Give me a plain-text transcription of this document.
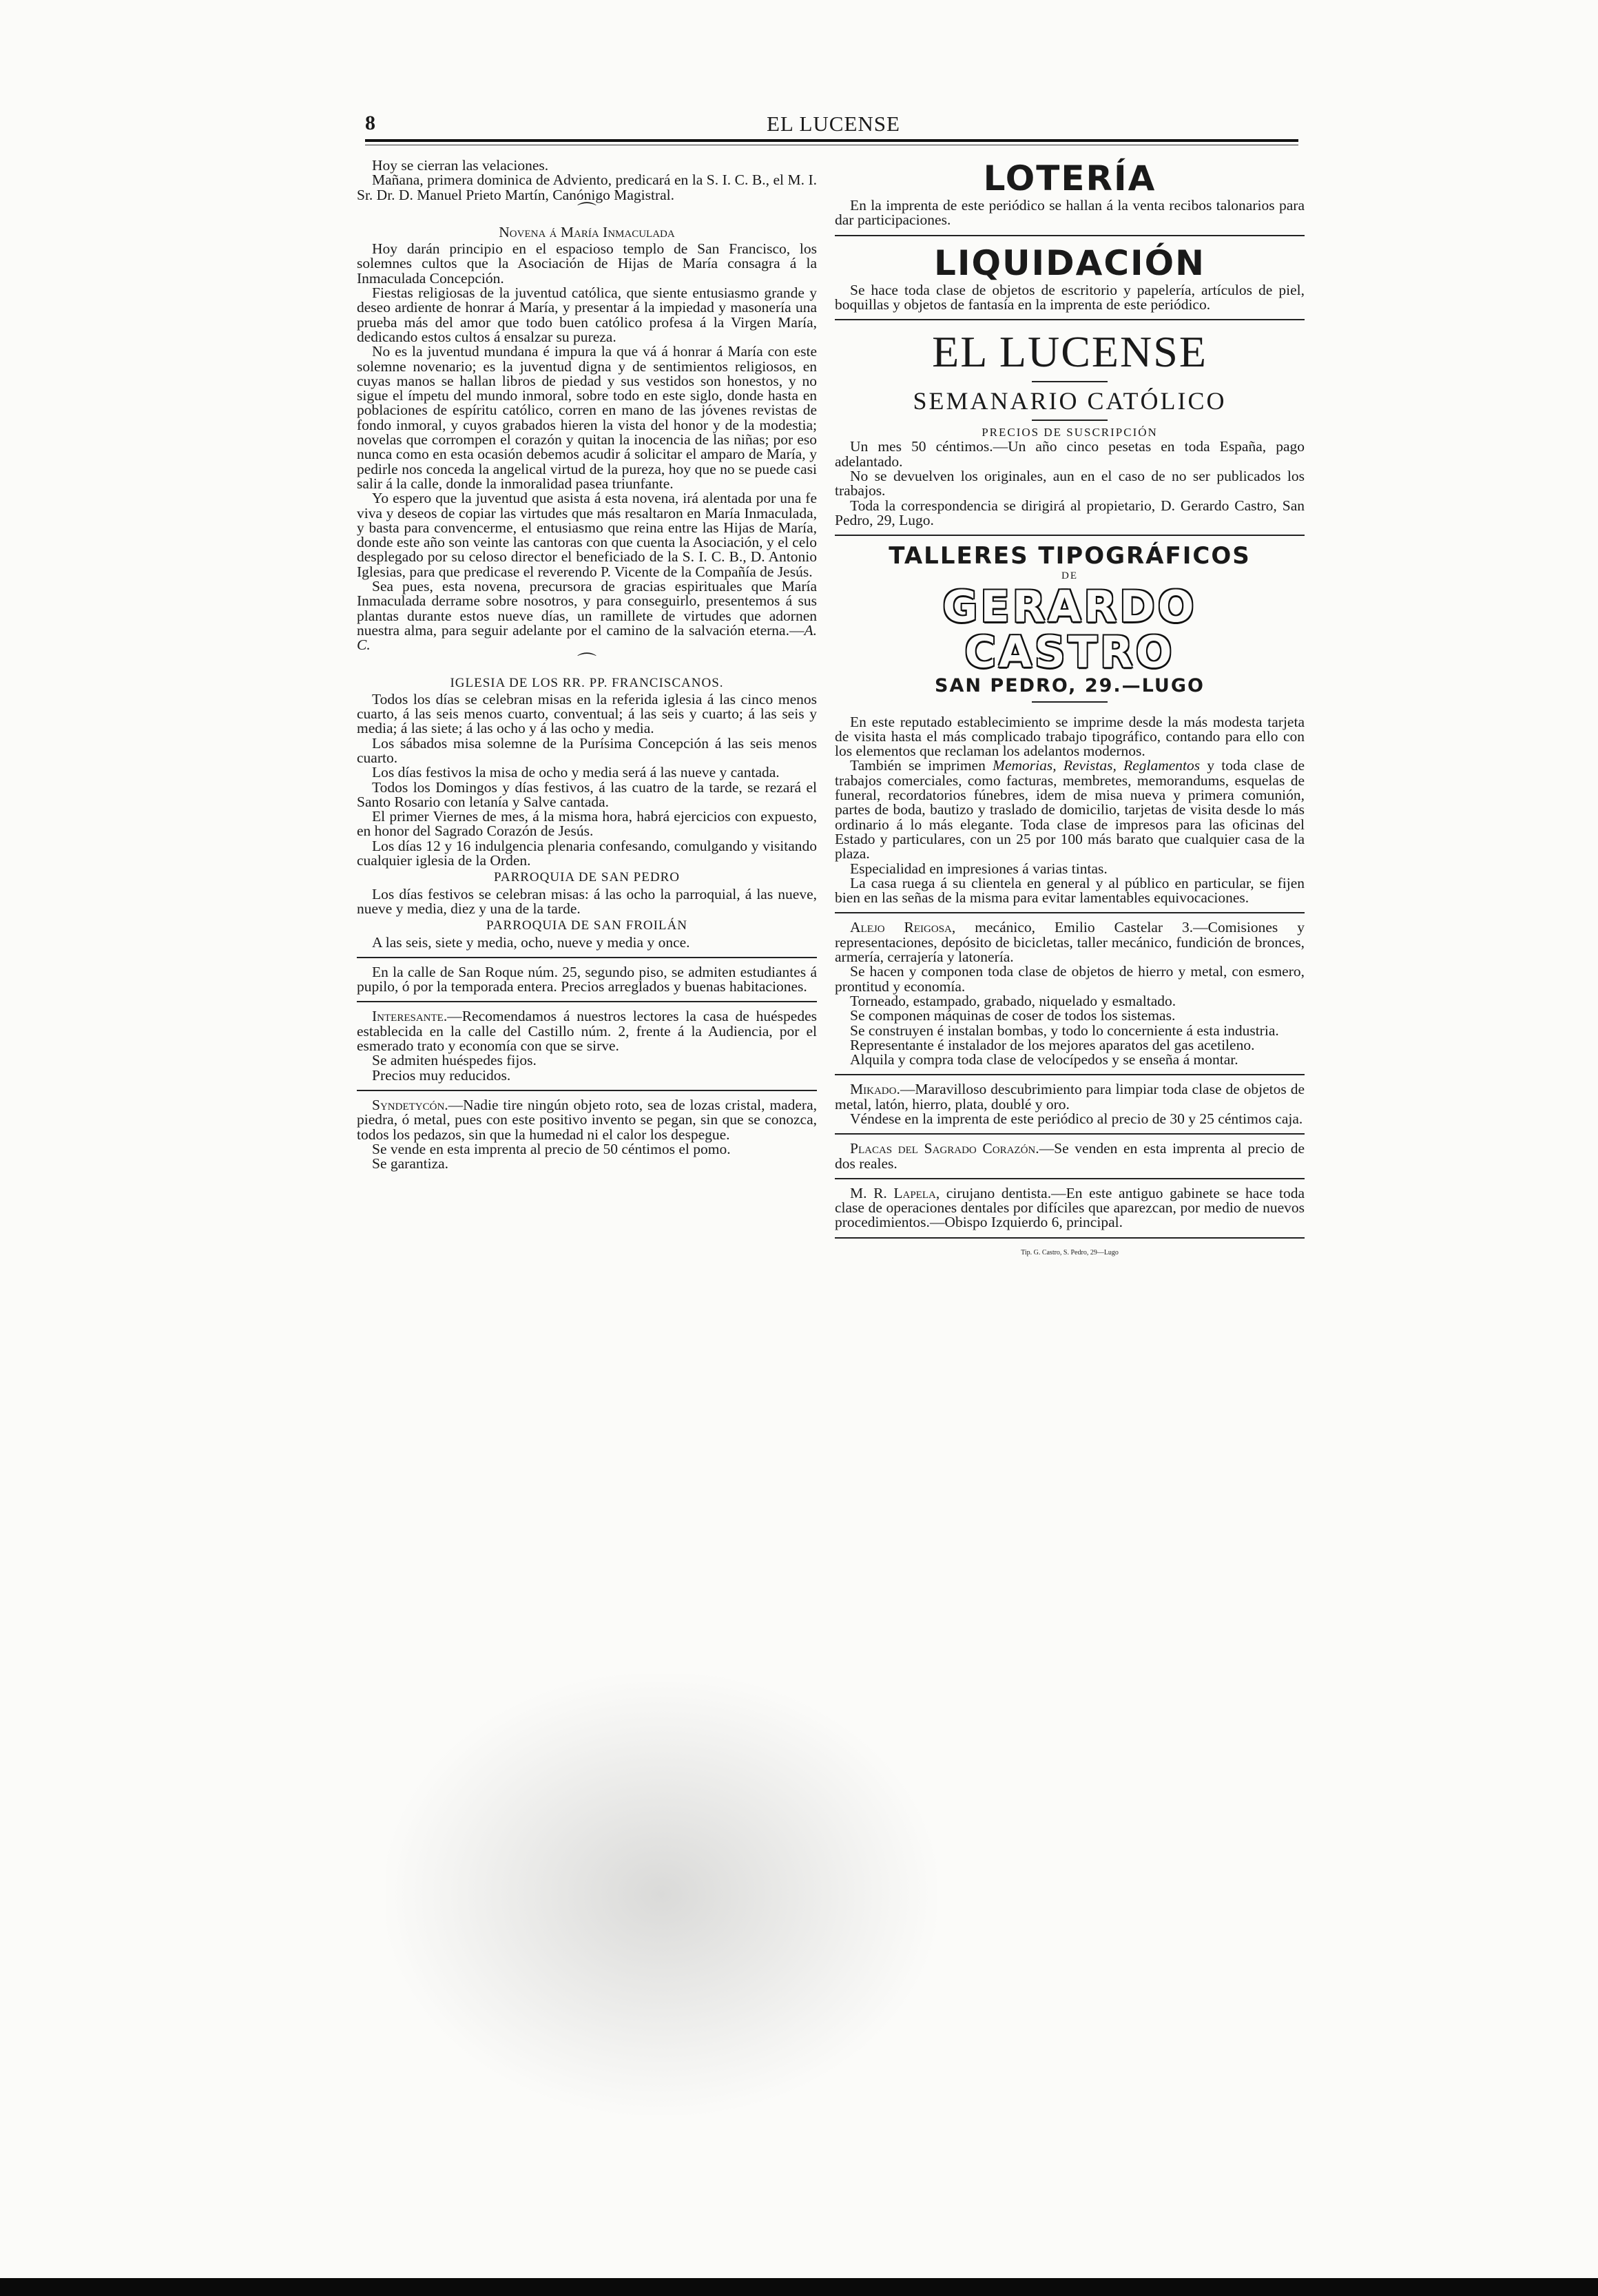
EL LUCENSE
8

Hoy se cierran las velaciones.

Mañana, primera dominica de Adviento, predicará en la S. I. C. B., el M. I. Sr. Dr. D. Manuel Prieto Martín, Canónigo Magistral.

⌒
Novena á María Inmaculada

Hoy darán principio en el espacioso templo de San Francisco, los solemnes cultos que la Asociación de Hijas de María consagra á la Inmaculada Concepción.

Fiestas religiosas de la juventud católica, que siente entusiasmo grande y deseo ardiente de honrar á María, y presentar á la impiedad y masonería una prueba más del amor que todo buen católico profesa á la Virgen María, dedicando estos cultos á ensalzar su pureza.

No es la juventud mundana é impura la que vá á honrar á María con este solemne novenario; es la juventud digna y de sentimientos religiosos, en cuyas manos se hallan libros de piedad y sus vestidos son honestos, y no sigue el ímpetu del mundo inmoral, sobre todo en este siglo, donde hasta en poblaciones de espíritu católico, corren en mano de las jóvenes revistas de fondo inmoral, y cuyos grabados hieren la vista del honor y de la modestia; novelas que corrompen el corazón y quitan la inocencia de las niñas; por eso nunca como en esta ocasión debemos acudir á solicitar el amparo de María, y pedirle nos conceda la angelical virtud de la pureza, hoy que no se puede casi salir á la calle, donde la inmoralidad pasea triunfante.

Yo espero que la juventud que asista á esta novena, irá alentada por una fe viva y deseos de copiar las virtudes que más resaltaron en María Inmaculada, y basta para convencerme, el entusiasmo que reina entre las Hijas de María, donde este año son veinte las cantoras con que cuenta la Asociación, y el celo desplegado por su celoso director el beneficiado de la S. I. C. B., D. Antonio Iglesias, para que predicase el reverendo P. Vicente de la Compañía de Jesús.

Sea pues, esta novena, precursora de gracias espirituales que María Inmaculada derrame sobre nosotros, y para conseguirlo, presentemos á sus plantas durante estos nueve días, un ramillete de virtudes que adornen nuestra alma, para seguir adelante por el camino de la salvación eterna.—A. C.

⌒
IGLESIA DE LOS RR. PP. FRANCISCANOS.

Todos los días se celebran misas en la referida iglesia á las cinco menos cuarto, á las seis menos cuarto, conventual; á las seis y cuarto; á las seis y media; á las siete; á las ocho y á las ocho y media.

Los sábados misa solemne de la Purísima Concepción á las seis menos cuarto.

Los días festivos la misa de ocho y media será á las nueve y cantada.

Todos los Domingos y días festivos, á las cuatro de la tarde, se rezará el Santo Rosario con letanía y Salve cantada.

El primer Viernes de mes, á la misma hora, habrá ejercicios con expuesto, en honor del Sagrado Corazón de Jesús.

Los días 12 y 16 indulgencia plenaria confesando, comulgando y visitando cualquier iglesia de la Orden.

PARROQUIA DE SAN PEDRO

Los días festivos se celebran misas: á las ocho la parroquial, á las nueve, nueve y media, diez y una de la tarde.

PARROQUIA DE SAN FROILÁN

A las seis, siete y media, ocho, nueve y media y once.

En la calle de San Roque núm. 25, segundo piso, se admiten estudiantes á pupilo, ó por la temporada entera. Precios arreglados y buenas habitaciones.

Interesante.—Recomendamos á nuestros lectores la casa de huéspedes establecida en la calle del Castillo núm. 2, frente á la Audiencia, por el esmerado trato y economía con que se sirve.

Se admiten huéspedes fijos.

Precios muy reducidos.

Syndetycón.—Nadie tire ningún objeto roto, sea de lozas cristal, madera, piedra, ó metal, pues con este positivo invento se pegan, sin que se conozca, todos los pedazos, sin que la humedad ni el calor los despegue.

Se vende en esta imprenta al precio de 50 céntimos el pomo.

Se garantiza.

LOTERÍA

En la imprenta de este periódico se hallan á la venta recibos talonarios para dar participaciones.

LIQUIDACIÓN

Se hace toda clase de objetos de escritorio y papelería, artículos de piel, boquillas y objetos de fantasía en la imprenta de este periódico.

EL LUCENSE
SEMANARIO CATÓLICO
PRECIOS DE SUSCRIPCIÓN

Un mes 50 céntimos.—Un año cinco pesetas en toda España, pago adelantado.

No se devuelven los originales, aun en el caso de no ser publicados los trabajos.

Toda la correspondencia se dirigirá al propietario, D. Gerardo Castro, San Pedro, 29, Lugo.

TALLERES TIPOGRÁFICOS
DE
GERARDO CASTRO
SAN PEDRO, 29.—LUGO

En este reputado establecimiento se imprime desde la más modesta tarjeta de visita hasta el más complicado trabajo tipográfico, contando para ello con los elementos que reclaman los adelantos modernos.

También se imprimen Memorias, Revistas, Reglamentos y toda clase de trabajos comerciales, como facturas, membretes, memorandums, esquelas de funeral, recordatorios fúnebres, idem de misa nueva y primera comunión, partes de boda, bautizo y traslado de domicilio, tarjetas de visita desde lo más ordinario á lo más elegante. Toda clase de impresos para las oficinas del Estado y particulares, con un 25 por 100 más barato que cualquier casa de la plaza.

Especialidad en impresiones á varias tintas.

La casa ruega á su clientela en general y al público en particular, se fijen bien en las señas de la misma para evitar lamentables equivocaciones.

Alejo Reigosa, mecánico, Emilio Castelar 3.—Comisiones y representaciones, depósito de bicicletas, taller mecánico, fundición de bronces, armería, cerrajería y latonería.

Se hacen y componen toda clase de objetos de hierro y metal, con esmero, prontitud y economía.

Torneado, estampado, grabado, niquelado y esmaltado.

Se componen máquinas de coser de todos los sistemas.

Se construyen é instalan bombas, y todo lo concerniente á esta industria.

Representante é instalador de los mejores aparatos del gas acetileno.

Alquila y compra toda clase de velocípedos y se enseña á montar.

Mikado.—Maravilloso descubrimiento para limpiar toda clase de objetos de metal, latón, hierro, plata, doublé y oro.

Véndese en la imprenta de este periódico al precio de 30 y 25 céntimos caja.

Placas del Sagrado Corazón.—Se venden en esta imprenta al precio de dos reales.

M. R. Lapela, cirujano dentista.—En este antiguo gabinete se hace toda clase de operaciones dentales por difíciles que aparezcan, por medio de nuevos procedimientos.—Obispo Izquierdo 6, principal.

Tip. G. Castro, S. Pedro, 29—Lugo
